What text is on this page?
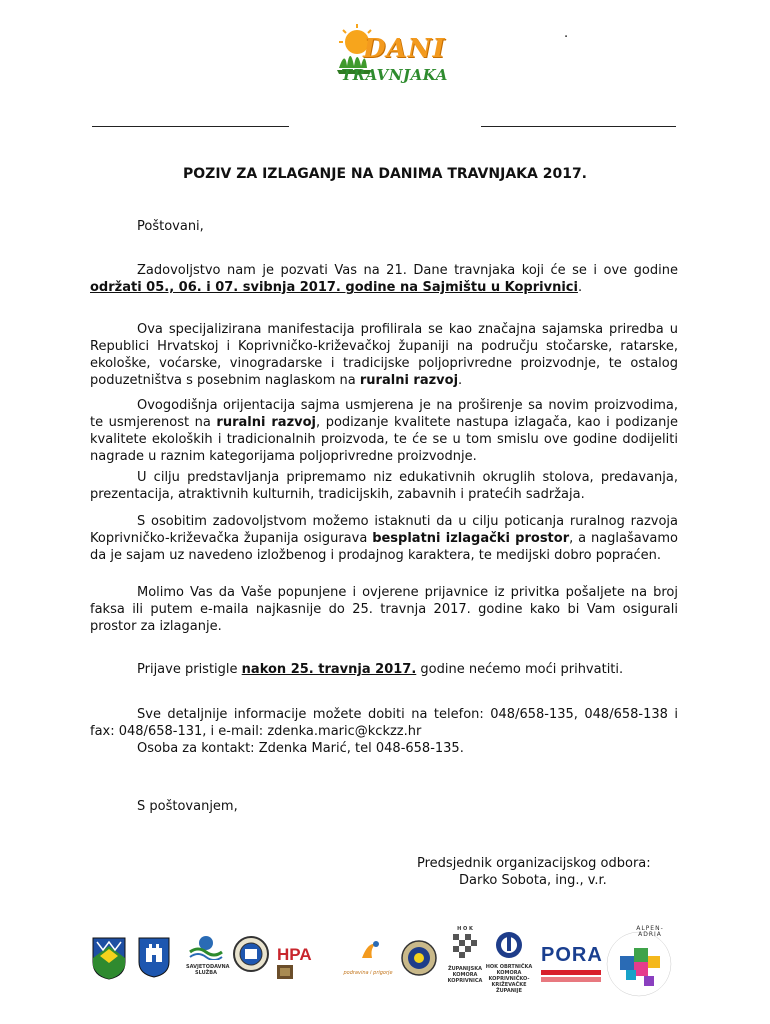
DANI
TRAVNJAKA
.
POZIV ZA IZLAGANJE NA DANIMA TRAVNJAKA 2017.
Poštovani,
Zadovoljstvo nam je pozvati Vas na 21. Dane travnjaka koji će se i ove godine održati 05., 06. i 07. svibnja 2017. godine na Sajmištu u Koprivnici.
Ova specijalizirana manifestacija profilirala se kao značajna sajamska priredba u Republici Hrvatskoj i Koprivničko-križevačkoj županiji na području stočarske, ratarske, ekološke, voćarske, vinogradarske i tradicijske poljoprivredne proizvodnje, te ostalog poduzetništva s posebnim naglaskom na ruralni razvoj.
Ovogodišnja orijentacija sajma usmjerena je na proširenje sa novim proizvodima, te usmjerenost na ruralni razvoj, podizanje kvalitete nastupa izlagača, kao i podizanje kvalitete ekoloških i tradicionalnih proizvoda, te će se u tom smislu ove godine dodijeliti nagrade u raznim kategorijama poljoprivredne proizvodnje.
U cilju predstavljanja pripremamo niz edukativnih okruglih stolova, predavanja, prezentacija, atraktivnih kulturnih, tradicijskih, zabavnih i pratećih sadržaja.
S osobitim zadovoljstvom možemo istaknuti da u cilju poticanja ruralnog razvoja Koprivničko-križevačka županija osigurava besplatni izlagački prostor, a naglašavamo da je sajam uz navedeno izložbenog i prodajnog karaktera, te medijski dobro popraćen.
Molimo Vas da Vaše popunjene i ovjerene prijavnice iz privitka pošaljete na broj faksa ili putem e-maila najkasnije do 25. travnja 2017. godine kako bi Vam osigurali prostor za izlaganje.
Prijave pristigle nakon 25. travnja 2017. godine nećemo moći prihvatiti.
Sve detaljnije informacije možete dobiti na telefon: 048/658-135, 048/658-138 i fax: 048/658-131, i e-mail: zdenka.maric@kckzz.hr
Osoba za kontakt: Zdenka Marić, tel 048-658-135.
S poštovanjem,
Predsjednik organizacijskog odbora:
Darko Sobota, ing., v.r.
SAVJETODAVNA SLUŽBA
HPA
podravina i prigorje
H O K
ŽUPANIJSKA KOMORA KOPRIVNICA
HOK OBRTNIČKA KOMORA KOPRIVNIČKO-KRIŽEVAČKE ŽUPANIJE
PORA
ALPEN-ADRIA
